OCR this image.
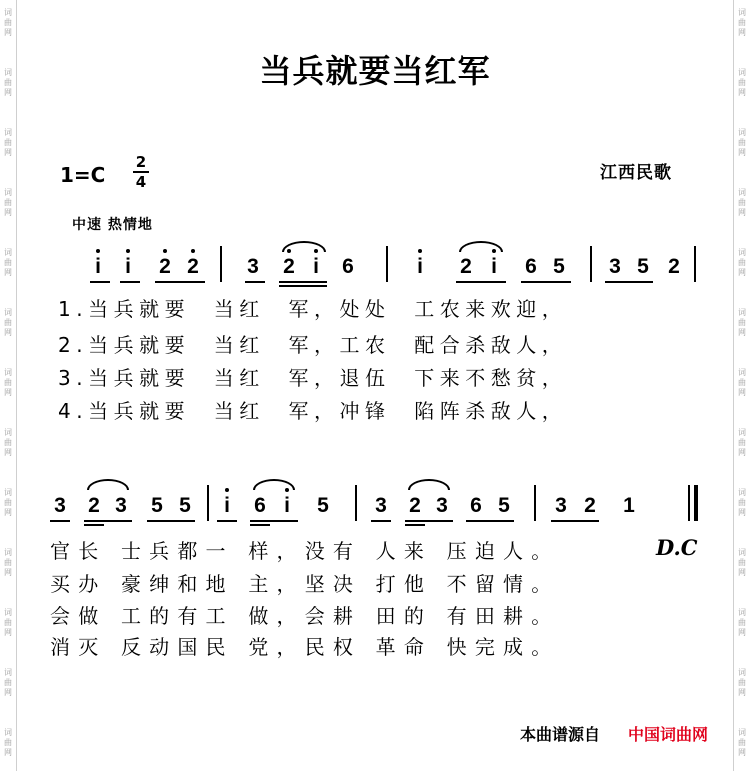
词
曲
网
词
曲
网
词
曲
网
词
曲
网
词
曲
网
词
曲
网
词
曲
网
词
曲
网
词
曲
网
词
曲
网
词
曲
网
词
曲
网
词
曲
网
词
曲
网
词
曲
网
词
曲
网
词
曲
网
词
曲
网
词
曲
网
词
曲
网
词
曲
网
词
曲
网
词
曲
网
词
曲
网
词
曲
网
词
曲
网
当兵就要当红军
1=C
2
4	江西民歌
中速 热情地
i	i	2 2 3 2 i	6	i	2 i	6 5 3 5 2
1.当兵就要  当红  军，处处  工农来欢迎，
2.当兵就要  当红  军，工农  配合杀敌人，
3.当兵就要  当红  军，退伍  下来不愁贫，
4.当兵就要  当红  军，冲锋  陷阵杀敌人，
3 2 3 5 5	i	6 i	5 3 2 3 6 5 3 2 1
官长 士兵都一 样，没有 人来 压迫人。
买办 豪绅和地 主，坚决 打他 不留情。
会做 工的有工 做，会耕 田的 有田耕。
消灭 反动国民 党，民权 革命 快完成。
D.C
本曲谱源自 中国词曲网
